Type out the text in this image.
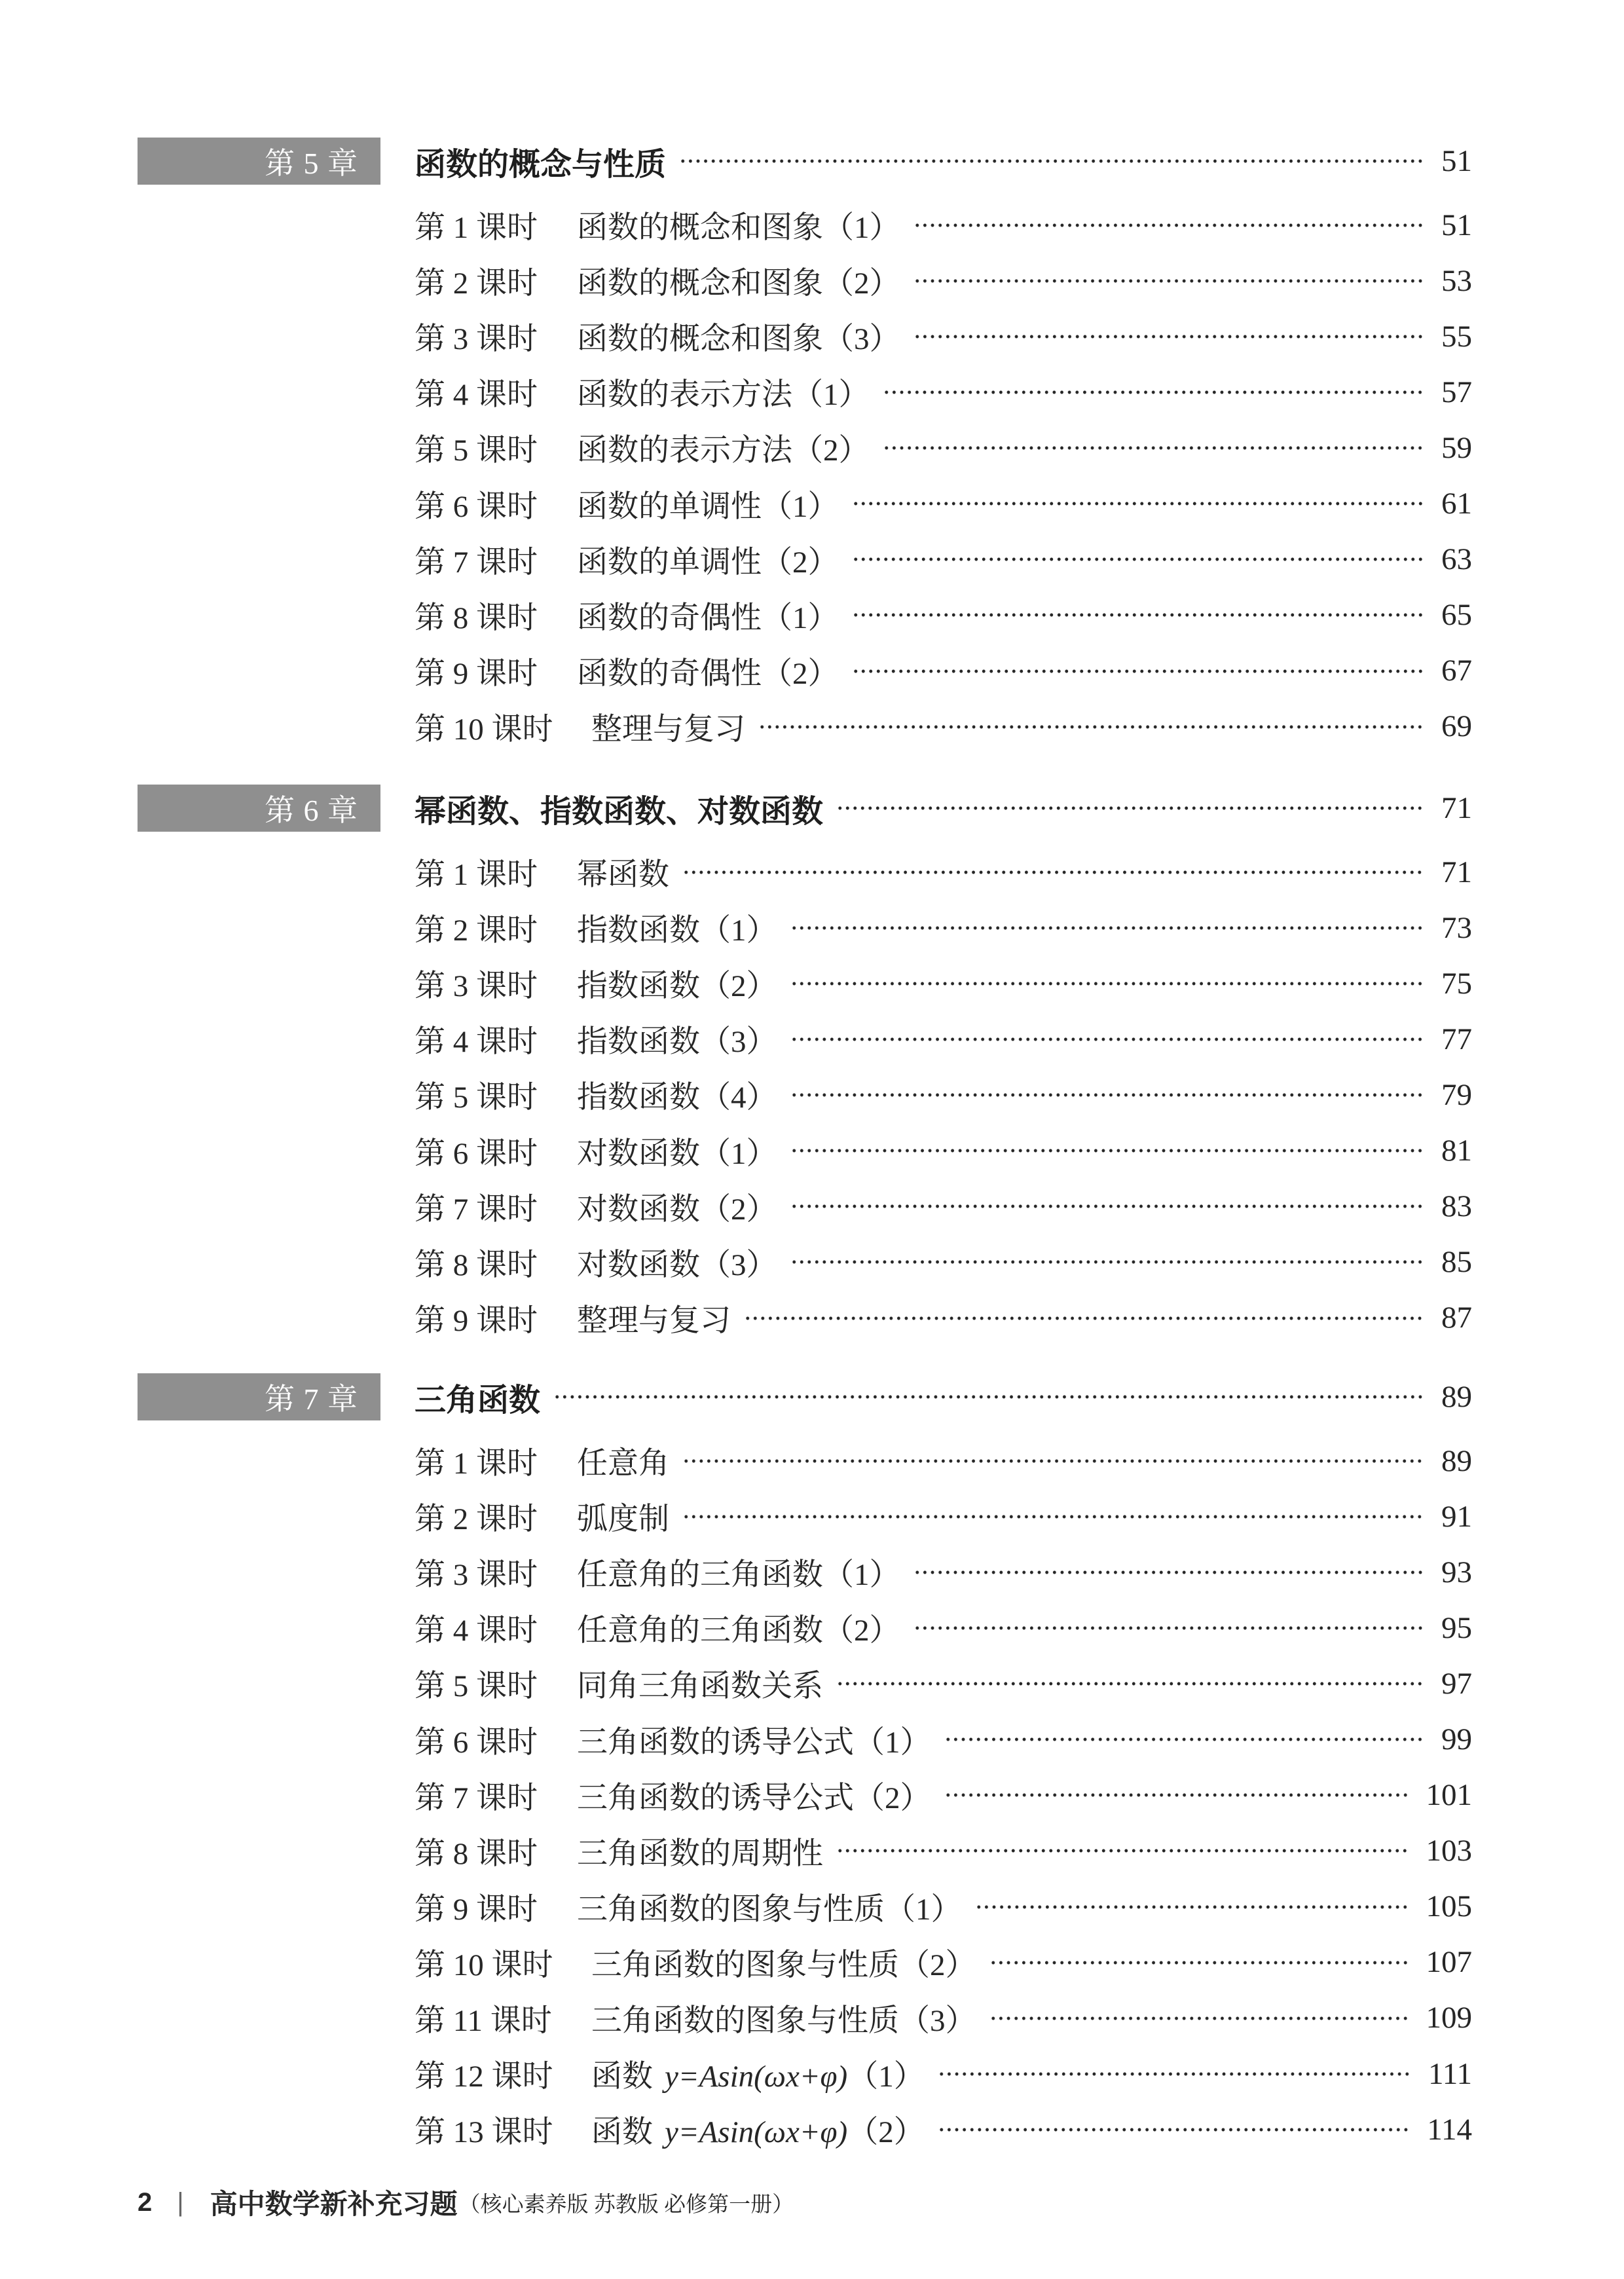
第 5 章 函数的概念与性质	51
第 1 课时	函数的概念和图象（1）	51
第 2 课时	函数的概念和图象（2）	53
第 3 课时	函数的概念和图象（3）	55
第 4 课时	函数的表示方法（1）	57
第 5 课时	函数的表示方法（2）	59
第 6 课时	函数的单调性（1）	61
第 7 课时	函数的单调性（2）	63
第 8 课时	函数的奇偶性（1）	65
第 9 课时	函数的奇偶性（2）	67
第 10 课时	整理与复习	69
第 6 章 幂函数、指数函数、对数函数	71
第 1 课时	幂函数	71
第 2 课时	指数函数（1）	73
第 3 课时	指数函数（2）	75
第 4 课时	指数函数（3）	77
第 5 课时	指数函数（4）	79
第 6 课时	对数函数（1）	81
第 7 课时	对数函数（2）	83
第 8 课时	对数函数（3）	85
第 9 课时	整理与复习	87
第 7 章 三角函数	89
第 1 课时	任意角	89
第 2 课时	弧度制	91
第 3 课时	任意角的三角函数（1）	93
第 4 课时	任意角的三角函数（2）	95
第 5 课时	同角三角函数关系	97
第 6 课时	三角函数的诱导公式（1）	99
第 7 课时	三角函数的诱导公式（2）	101
第 8 课时	三角函数的周期性	103
第 9 课时	三角函数的图象与性质（1）	105
第 10 课时	三角函数的图象与性质（2）	107
第 11 课时	三角函数的图象与性质（3）	109
第 12 课时	函数 y=Asin(ωx+φ)（1）	111
第 13 课时	函数 y=Asin(ωx+φ)（2）	114
2 | 高中数学新补充习题 （核心素养版 苏教版 必修第一册）
